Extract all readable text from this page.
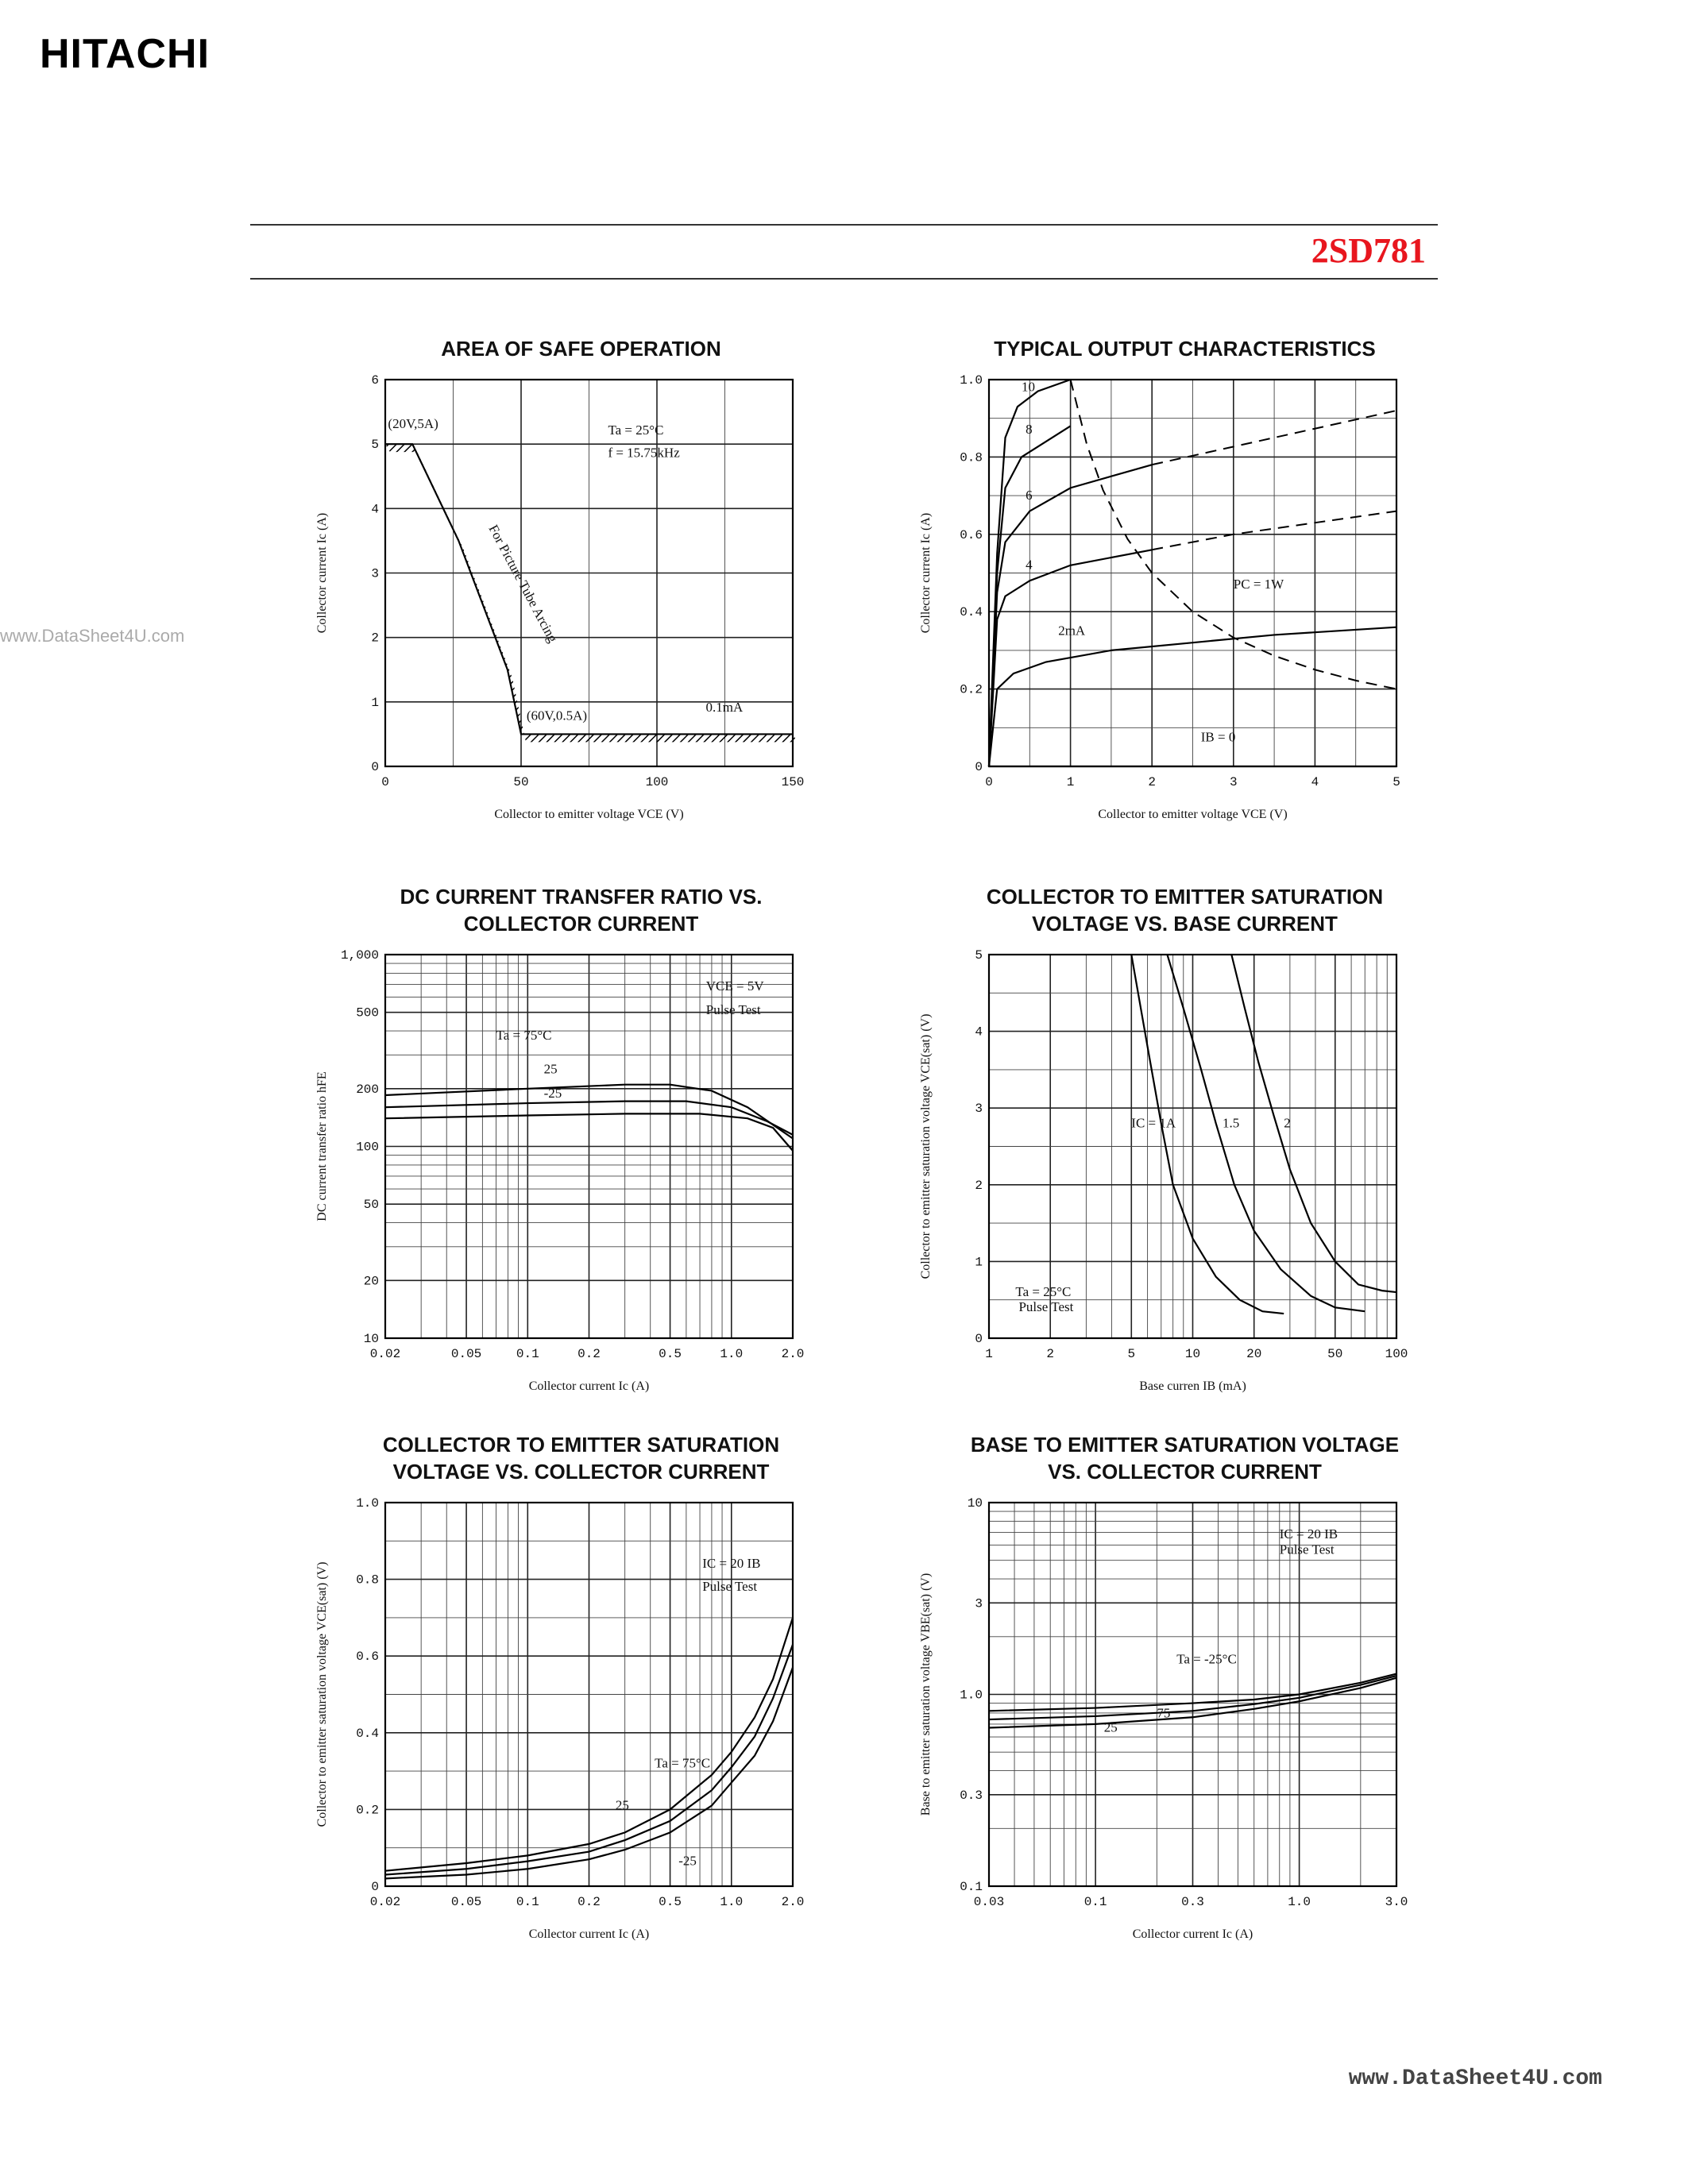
HITACHI
2SD781
www.DataSheet4U.com
AREA OF SAFE OPERATION
0	50	100	150
0
1
2
3
4
5
6
Collector to emitter voltage VCE (V)
Collector current Ic (A)
(20V,5A)	Ta = 25°C
f = 15.75kHz
For Picture Tube Arcing
(60V,0.5A)
0.1mA
TYPICAL OUTPUT CHARACTERISTICS
0	1	2	3	4	5
0
0.2
0.4
0.6
0.8
1.0
Collector to emitter voltage VCE (V)
Collector current Ic (A)
10
8
6
4
2mA
PC = 1W
IB = 0
DC CURRENT TRANSFER RATIO VS.
COLLECTOR CURRENT
0.02	0.05	0.1	0.2	0.5	1.0	2.0
10
20
50
100
200
500
1,000
Collector current Ic (A)
DC current transfer ratio hFE
VCE = 5V
Pulse Test
Ta = 75°C
25
-25
COLLECTOR TO EMITTER SATURATION
VOLTAGE VS. BASE CURRENT
1	2	5	10	20	50	100
0
1
2
3
4
5
Base curren IB (mA)
Collector to emitter saturation voltage VCE(sat) (V)	IC = 1A	1.5	2
Ta = 25°C
Pulse Test
COLLECTOR TO EMITTER SATURATION
VOLTAGE VS. COLLECTOR CURRENT
0.02	0.05	0.1	0.2	0.5	1.0	2.0
0
0.2
0.4
0.6
0.8
1.0
Collector current Ic (A)
Collector to emitter saturation voltage VCE(sat) (V)	IC = 20 IB
Pulse Test
Ta = 75°C
25
-25
BASE TO EMITTER SATURATION VOLTAGE
VS. COLLECTOR CURRENT
0.03	0.1	0.3	1.0	3.0
0.1
0.3
1.0
3
10
Collector current Ic (A)
Base to emitter saturation voltage VBE(sat) (V)
IC = 20 IB
Pulse Test
Ta = -25°C
75
25
www.DataSheet4U.com
